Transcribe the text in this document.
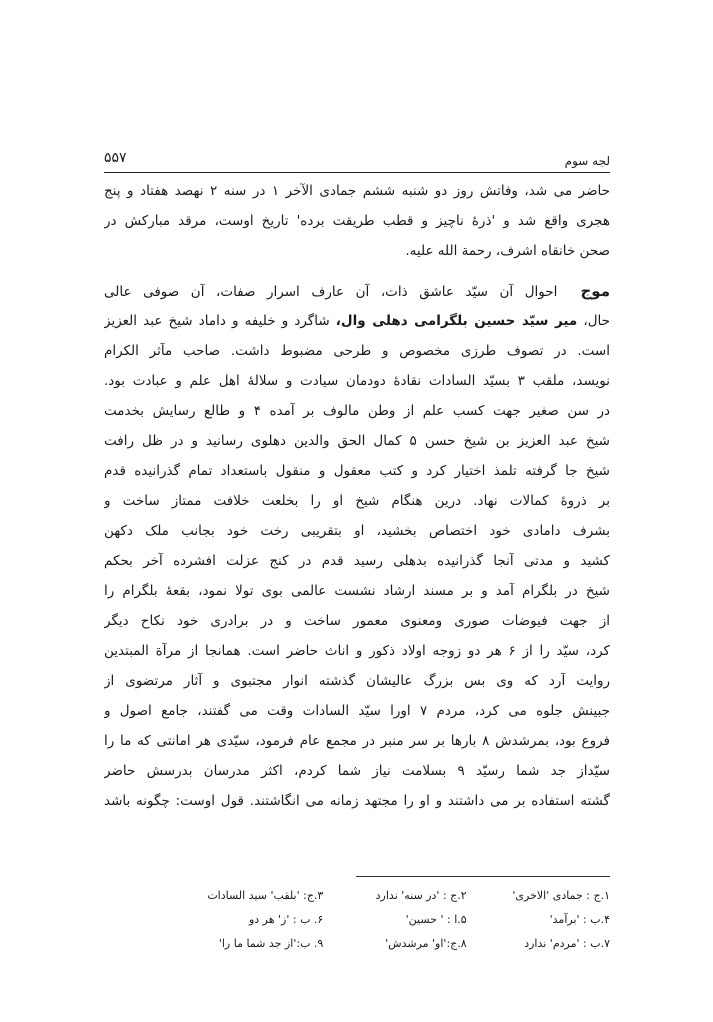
لجه سوم
۵۵۷
حاضر می شد، وفاتش روز دو شنبه ششم جمادی الآخر ۱ در سنه ۲ نهصد هفتاد و پنج
هجری واقع شد و 'ذرهٔ ناچیز و قطب طریقت برده' تاریخ اوست، مرقد مبارکش در
صحن خانقاه اشرف، رحمة الله علیه.
موج  احوال آن سیّد عاشق ذات، آن عارف اسرار صفات، آن صوفی عالی
حال، میر سیّد حسین بلگرامی دهلی وال، شاگرد و خلیفه و داماد شیخ عبد العزیز
است. در تصوف طرزی مخصوص و طرحی مضبوط داشت. صاحب مآثر الکرام
نویسد، ملقب ۳ بسیّد السادات نقادهٔ دودمان سیادت و سلالهٔ اهل علم و عبادت بود.
در سن صغیر جهت کسب علم از وطن مالوف بر آمده ۴ و طالع رسایش بخدمت
شیخ عبد العزیز بن شیخ حسن ۵ کمال الحق والدین دهلوی رسانید و در ظل رافت
شیخ جا گرفته تلمذ اختیار کرد و کتب معقول و منقول باستعداد تمام گذرانیده قدم
بر ذروهٔ کمالات نهاد. درین هنگام شیخ او را بخلعت خلافت ممتاز ساخت و
بشرف دامادی خود اختصاص بخشید، او بتقریبی رخت خود بجانب ملک دکهن
کشید و مدتی آنجا گذرانیده بدهلی رسید قدم در کنج عزلت افشرده آخر بحکم
شیخ در بلگرام آمد و بر مسند ارشاد نشست عالمی بوی تولا نمود، بقعهٔ بلگرام را
از جهت فیوضات صوری ومعنوی معمور ساخت و در برادری خود نکاح دیگر
کرد، سیّد را از ۶ هر دو زوجه اولاد ذکور و اناث حاضر است. همانجا از مرآة المبتدین
روایت آرد که وی بس بزرگ عالیشان گذشته انوار مجتبوی و آثار مرتضوی از
جبینش جلوه می کرد، مردم ۷ اورا سیّد السادات وقت می گفتند، جامع اصول و
فروع بود، بمرشدش ۸ بارها بر سر منبر در مجمع عام فرمود، سیّدی هر امانتی که ما را
سیّداز جد شما رسیّد ۹ بسلامت نیاز شما کردم، اکثر مدرسان بدرسش حاضر
گشته استفاده بر می داشتند و او را مجتهد زمانه می انگاشتند. قول اوست: چگونه باشد
۱.ج : جمادی 'الاخری'
۲.ج : 'در سنه' ندارد
۳.ج: 'بلقب' سید السادات
۴.ب : 'برآمد'
۵.ا : ' حسین'
۶. ب : 'ز' هر دو
۷.ب : 'مردم' ندارد
۸.ج:'او' مرشدش'
۹. ب:'از جد شما ما را'
